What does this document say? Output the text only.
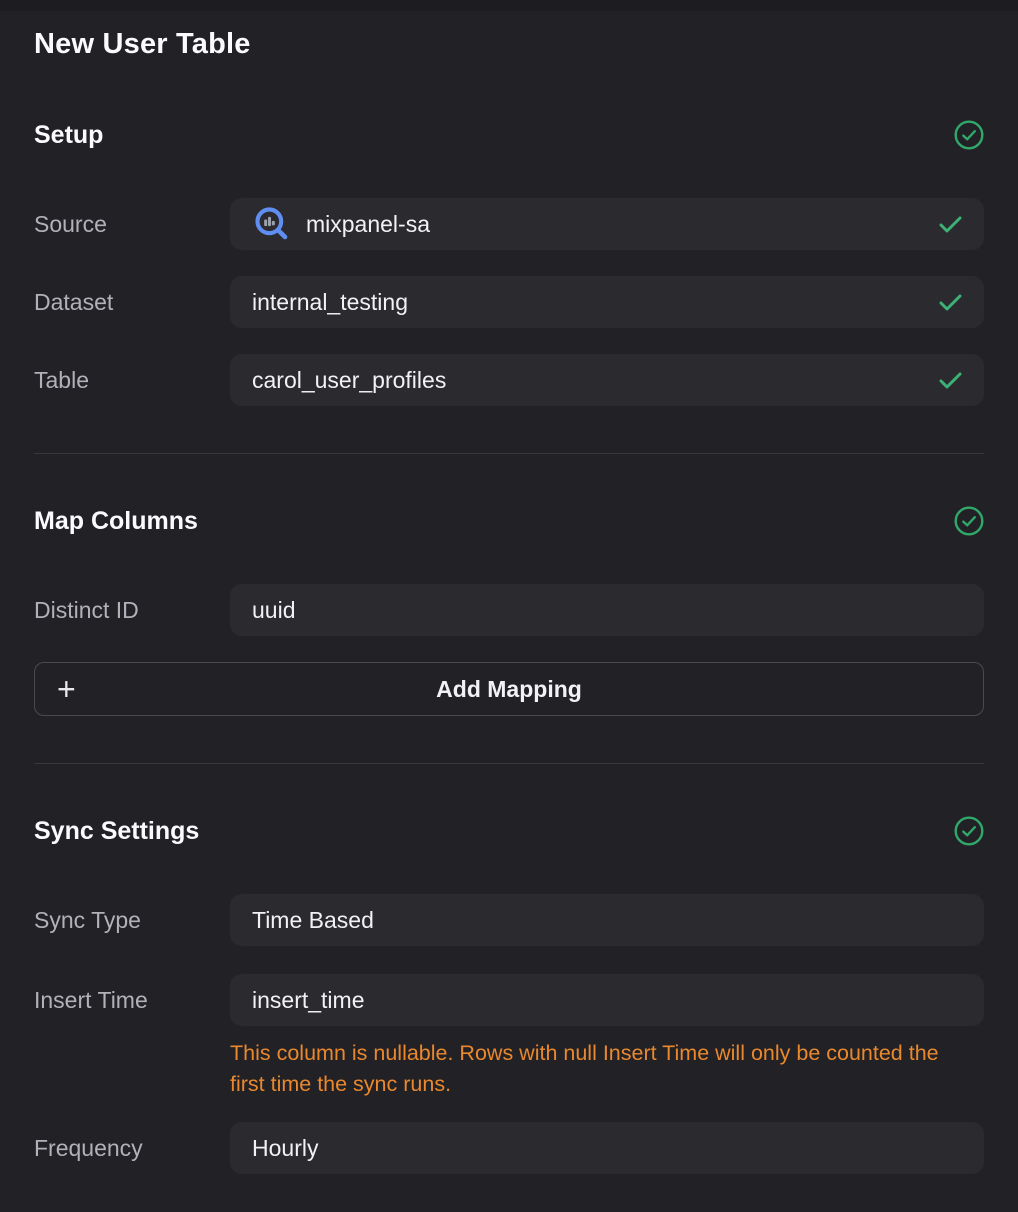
New User Table
Setup
Source	mixpanel-sa
Dataset	internal_testing
Table	carol_user_profiles
Map Columns
Distinct ID	uuid
+	Add Mapping
Sync Settings
Sync Type	Time Based
Insert Time	insert_time
This column is nullable. Rows with null Insert Time will only be counted the first time the sync runs.
Frequency	Hourly
